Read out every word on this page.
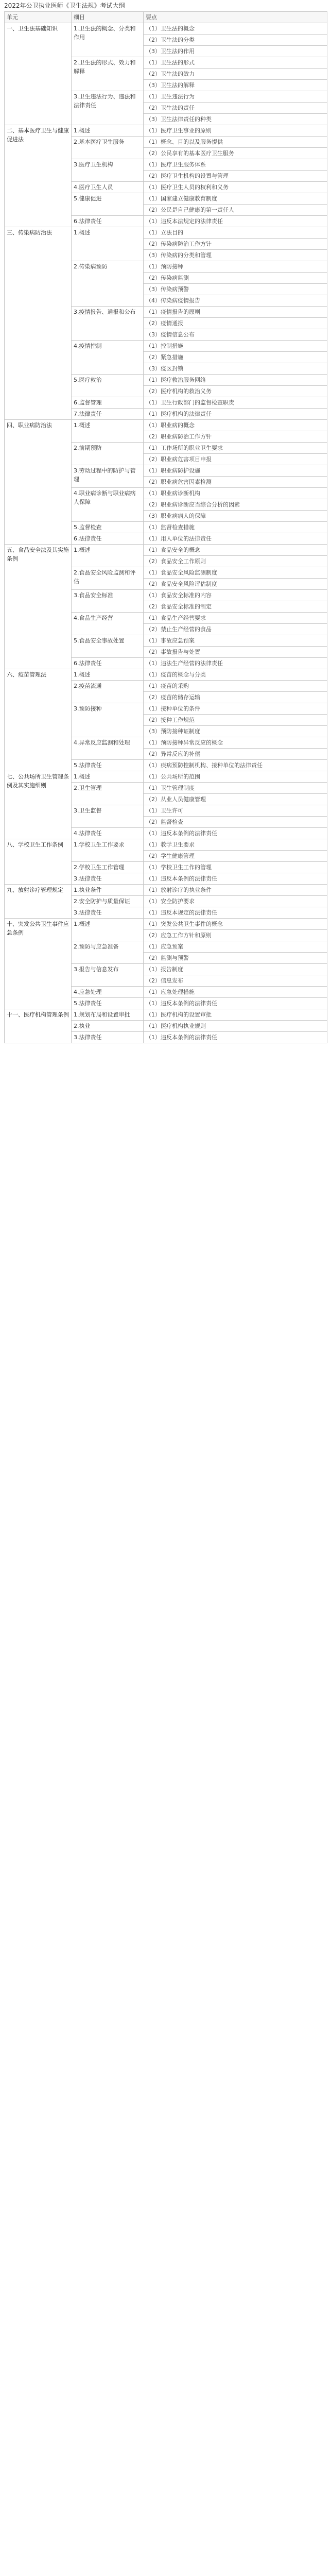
2022年公卫执业医师《卫生法规》考试大纲
单元	细目	要点
一、卫生法基础知识	1.卫生法的概念、分类和作用	（1）卫生法的概念
		（2）卫生法的分类
		（3）卫生法的作用
	2.卫生法的形式、效力和解释	（1）卫生法的形式
		（2）卫生法的效力
		（3）卫生法的解释
	3.卫生违法行为、违法和法律责任	（1）卫生违法行为
		（2）卫生法的责任
		（3）卫生法律责任的种类
二、基本医疗卫生与健康促进法	1.概述	（1）医疗卫生事业的原则
	2.基本医疗卫生服务	（1）概念、目的以及服务提供
		（2）公民享有的基本医疗卫生服务
	3.医疗卫生机构	（1）医疗卫生服务体系
		（2）医疗卫生机构的设置与管理
	4.医疗卫生人员	（1）医疗卫生人员的权利和义务
	5.健康促进	（1）国家建立健康教育制度
		（2）公民是自己健康的第一责任人
	6.法律责任	（1）违反本法规定的法律责任
三、传染病防治法	1.概述	（1）立法目的
		（2）传染病防治工作方针
		（3）传染病的分类和管理
	2.传染病预防	（1）预防接种
		（2）传染病监测
		（3）传染病预警
		（4）传染病疫情报告
	3.疫情报告、通报和公布	（1）疫情报告的原则
		（2）疫情通报
		（3）疫情信息公布
	4.疫情控制	（1）控制措施
		（2）紧急措施
		（3）疫区封锁
	5.医疗救治	（1）医疗救治服务网络
		（2）医疗机构的救治义务
	6.监督管理	（1）卫生行政部门的监督检查职责
	7.法律责任	（1）医疗机构的法律责任
四、职业病防治法	1.概述	（1）职业病的概念
		（2）职业病防治工作方针
	2.前期预防	（1）工作场所的职业卫生要求
		（2）职业病危害项目申报
	3.劳动过程中的防护与管理	（1）职业病防护设施
		（2）职业病危害因素检测
	4.职业病诊断与职业病病人保障	（1）职业病诊断机构
		（2）职业病诊断应当综合分析的因素
		（3）职业病病人的保障
	5.监督检查	（1）监督检查措施
	6.法律责任	（1）用人单位的法律责任
五、食品安全法及其实施条例	1.概述	（1）食品安全的概念
		（2）食品安全工作原则
	2.食品安全风险监测和评估	（1）食品安全风险监测制度
		（2）食品安全风险评估制度
	3.食品安全标准	（1）食品安全标准的内容
		（2）食品安全标准的制定
	4.食品生产经营	（1）食品生产经营要求
		（2）禁止生产经营的食品
	5.食品安全事故处置	（1）事故应急预案
		（2）事故报告与处置
	6.法律责任	（1）违法生产经营的法律责任
六、疫苗管理法	1.概述	（1）疫苗的概念与分类
	2.疫苗流通	（1）疫苗的采购
		（2）疫苗的储存运输
	3.预防接种	（1）接种单位的条件
		（2）接种工作规范
		（3）预防接种证制度
	4.异常反应监测和处理	（1）预防接种异常反应的概念
		（2）异常反应的补偿
	5.法律责任	（1）疾病预防控制机构、接种单位的法律责任
七、公共场所卫生管理条例及其实施细则	1.概述	（1）公共场所的范围
	2.卫生管理	（1）卫生管理制度
		（2）从业人员健康管理
	3.卫生监督	（1）卫生许可
		（2）监督检查
	4.法律责任	（1）违反本条例的法律责任
八、学校卫生工作条例	1.学校卫生工作要求	（1）教学卫生要求
		（2）学生健康管理
	2.学校卫生工作管理	（1）学校卫生工作的管理
	3.法律责任	（1）违反本条例的法律责任
九、放射诊疗管理规定	1.执业条件	（1）放射诊疗的执业条件
	2.安全防护与质量保证	（1）安全防护要求
	3.法律责任	（1）违反本规定的法律责任
十、突发公共卫生事件应急条例	1.概述	（1）突发公共卫生事件的概念
		（2）应急工作方针和原则
	2.预防与应急准备	（1）应急预案
		（2）监测与预警
	3.报告与信息发布	（1）报告制度
		（2）信息发布
	4.应急处理	（1）应急处理措施
	5.法律责任	（1）违反本条例的法律责任
十一、医疗机构管理条例	1.规划布局和设置审批	（1）医疗机构的设置审批
	2.执业	（1）医疗机构执业规则
	3.法律责任	（1）违反本条例的法律责任
